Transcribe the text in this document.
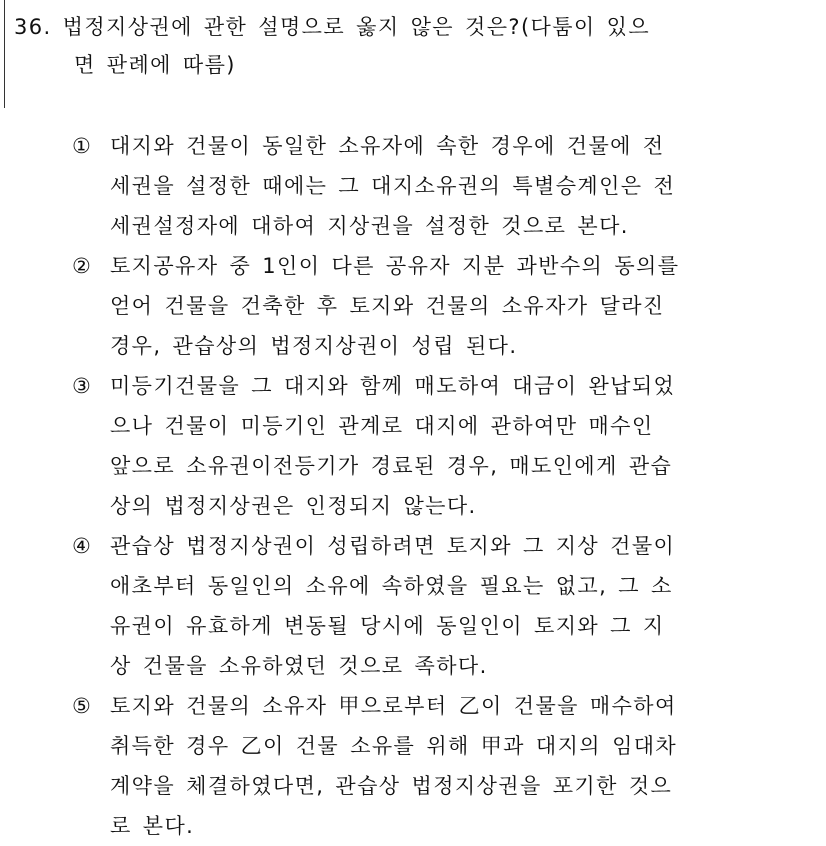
36. 법정지상권에 관한 설명으로 옳지 않은 것은?(다툼이 있으
면 판례에 따름)
① 대지와 건물이 동일한 소유자에 속한 경우에 건물에 전
세권을 설정한 때에는 그 대지소유권의 특별승계인은 전
세권설정자에 대하여 지상권을 설정한 것으로 본다.
② 토지공유자 중 1인이 다른 공유자 지분 과반수의 동의를
얻어 건물을 건축한 후 토지와 건물의 소유자가 달라진
경우, 관습상의 법정지상권이 성립 된다.
③ 미등기건물을 그 대지와 함께 매도하여 대금이 완납되었
으나 건물이 미등기인 관계로 대지에 관하여만 매수인
앞으로 소유권이전등기가 경료된 경우, 매도인에게 관습
상의 법정지상권은 인정되지 않는다.
④ 관습상 법정지상권이 성립하려면 토지와 그 지상 건물이
애초부터 동일인의 소유에 속하였을 필요는 없고, 그 소
유권이 유효하게 변동될 당시에 동일인이 토지와 그 지
상 건물을 소유하였던 것으로 족하다.
⑤ 토지와 건물의 소유자 甲으로부터 乙이 건물을 매수하여
취득한 경우 乙이 건물 소유를 위해 甲과 대지의 임대차
계약을 체결하였다면, 관습상 법정지상권을 포기한 것으
로 본다.
